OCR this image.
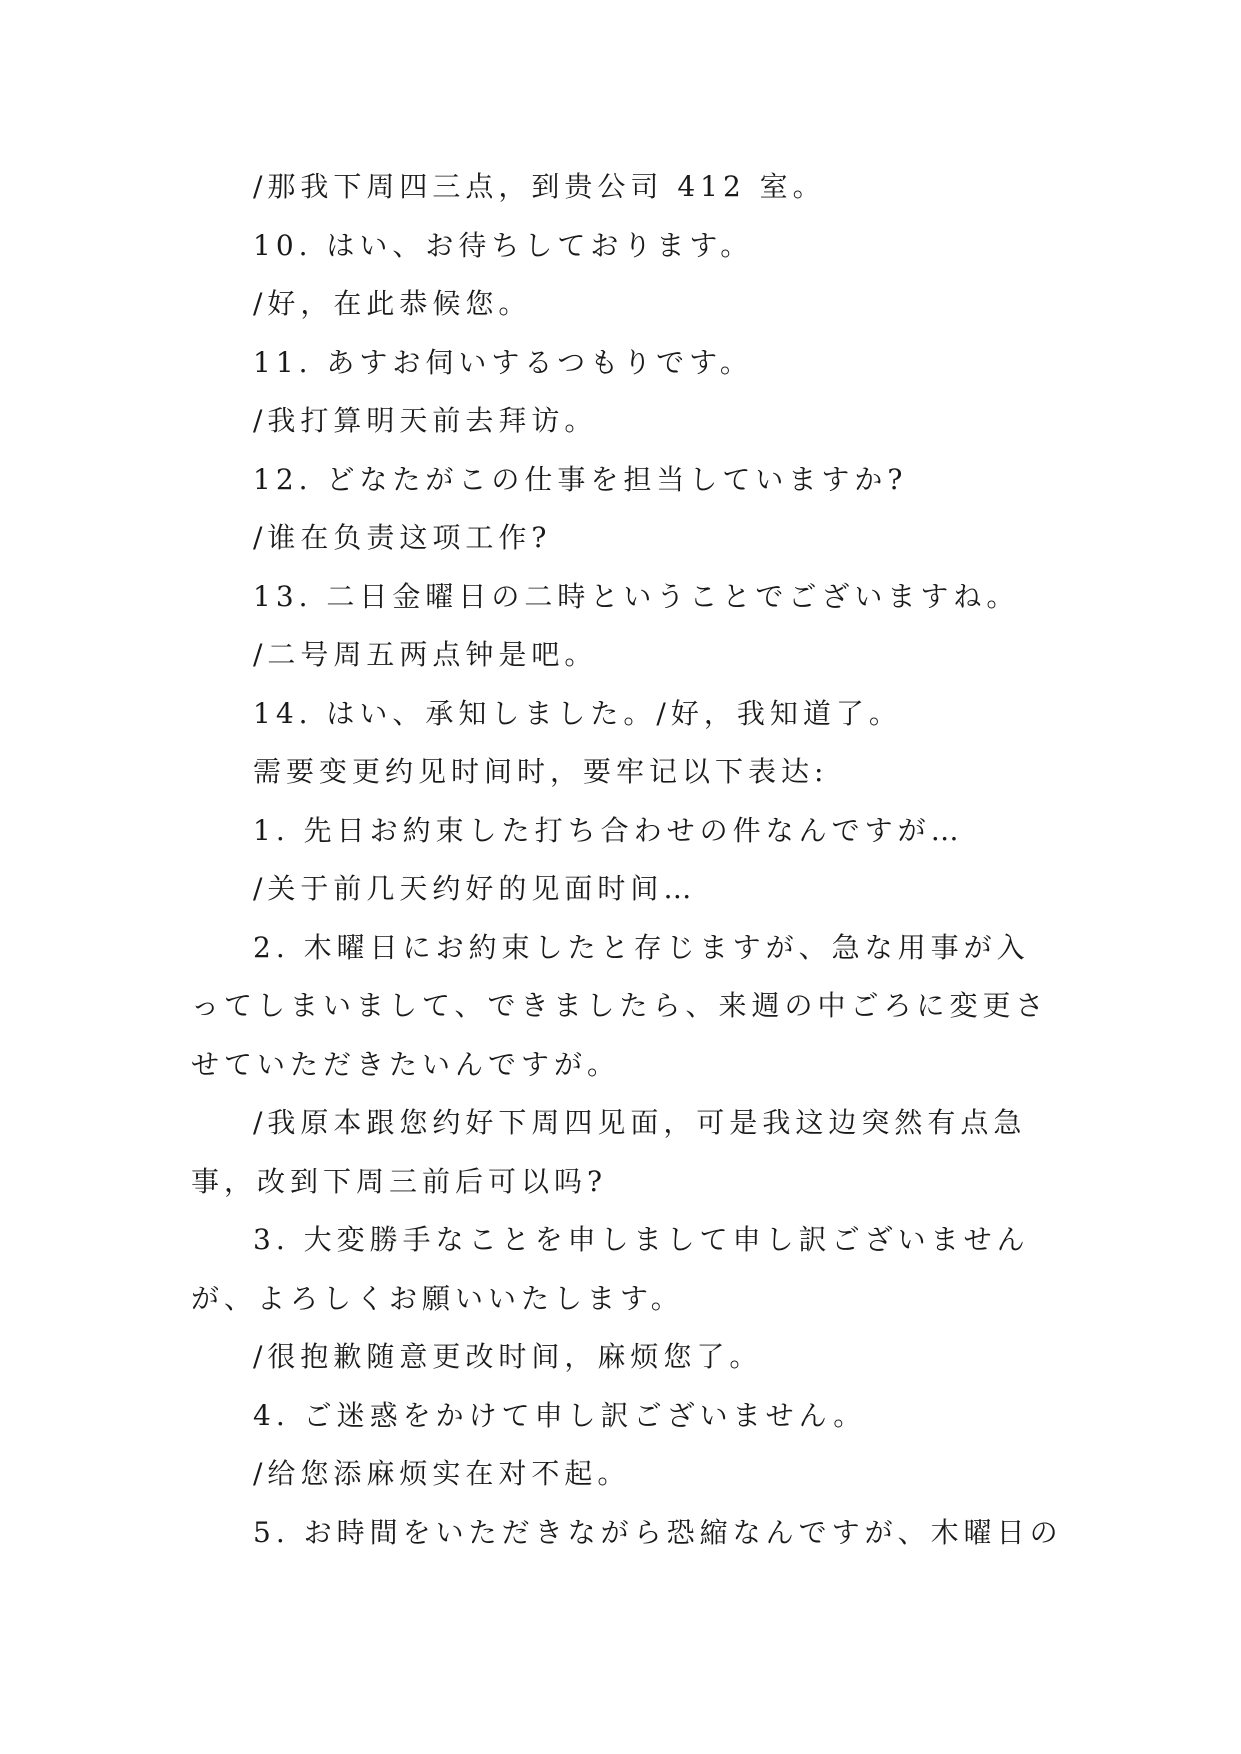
/那我下周四三点，到贵公司 412 室。

10. はい、お待ちしております。

/好，在此恭候您。

11. あすお伺いするつもりです。

/我打算明天前去拜访。

12. どなたがこの仕事を担当していますか?

/谁在负责这项工作?

13. 二日金曜日の二時ということでございますね。

/二号周五两点钟是吧。

14. はい、承知しました。/好，我知道了。

需要变更约见时间时，要牢记以下表达:

1. 先日お約束した打ち合わせの件なんですが…

/关于前几天约好的见面时间…

2. 木曜日にお約束したと存じますが、急な用事が入ってしまいまして、できましたら、来週の中ごろに変更させていただきたいんですが。

/我原本跟您约好下周四见面，可是我这边突然有点急事，改到下周三前后可以吗?

3. 大変勝手なことを申しまして申し訳ございませんが、よろしくお願いいたします。

/很抱歉随意更改时间，麻烦您了。

4. ご迷惑をかけて申し訳ございません。

/给您添麻烦实在对不起。

5. お時間をいただきながら恐縮なんですが、木曜日の
